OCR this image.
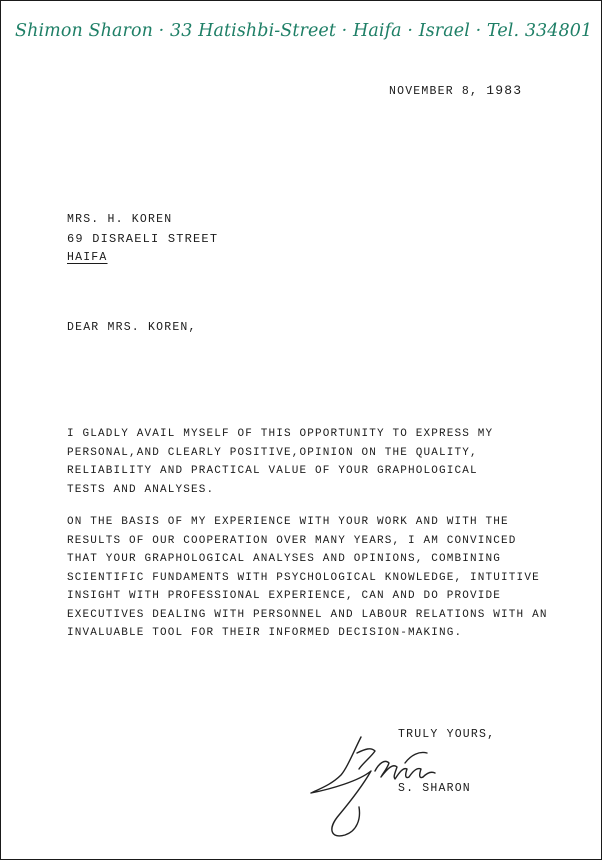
Shimon Sharon · 33 Hatishbi-Street · Haifa · Israel · Tel. 334801
NOVEMBER 8, 1983
MRS. H. KOREN
69 DISRAELI STREET
HAIFA
DEAR MRS. KOREN,
I GLADLY AVAIL MYSELF OF THIS OPPORTUNITY TO EXPRESS MY
PERSONAL,AND CLEARLY POSITIVE,OPINION ON THE QUALITY,
RELIABILITY AND PRACTICAL VALUE OF YOUR GRAPHOLOGICAL
TESTS AND ANALYSES.
ON THE BASIS OF MY EXPERIENCE WITH YOUR WORK AND WITH THE
RESULTS OF OUR COOPERATION OVER MANY YEARS, I AM CONVINCED
THAT YOUR GRAPHOLOGICAL ANALYSES AND OPINIONS, COMBINING
SCIENTIFIC FUNDAMENTS WITH PSYCHOLOGICAL KNOWLEDGE, INTUITIVE
INSIGHT WITH PROFESSIONAL EXPERIENCE, CAN AND DO PROVIDE
EXECUTIVES DEALING WITH PERSONNEL AND LABOUR RELATIONS WITH AN
INVALUABLE TOOL FOR THEIR INFORMED DECISION-MAKING.
TRULY YOURS,
S. SHARON
